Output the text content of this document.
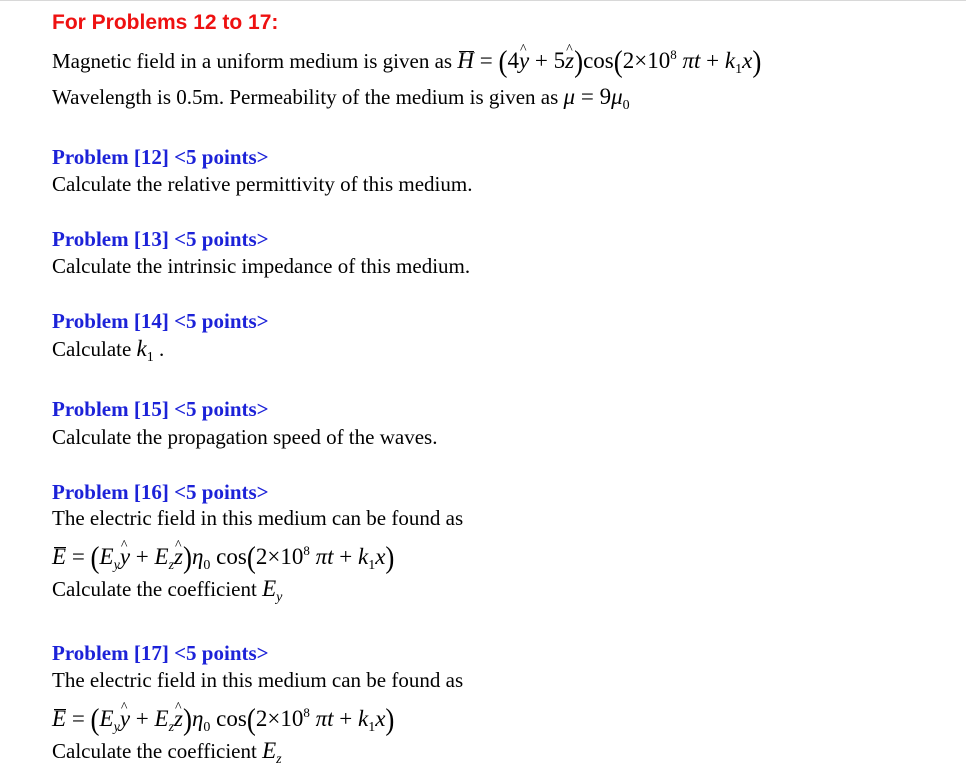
For Problems 12 to 17:
Magnetic field in a uniform medium is given as H = (4^ y + 5^ $z)\cos(2\times 10^8$ $\pi t + k_1x$)
Wavelength is 0.5m. Permeability of the medium is given as $\mu = 9\mu_0$
Problem [12] <5 points>
Calculate the relative permittivity of this medium.
Problem [13] <5 points>
Calculate the intrinsic impedance of this medium.
Problem [14] <5 points>
Calculate $k_1$ .
Problem [15] <5 points>
Calculate the propagation speed of the waves.
Problem [16] <5 points>
The electric field in this medium can be found as
$E = (E_y\^{}$ $y + E_z\^{}$ $z)\eta_0$ $\cos(2\times 10^8$ $\pi t + k_1x$)
Calculate the coefficient $E_y$
Problem [17] <5 points>
The electric field in this medium can be found as
$E = (E_y\^{}$ $y + E_z\^{}$ $z)\eta_0$ $\cos(2\times 10^8$ $\pi t + k_1x$)
Calculate the coefficient $E_z$
